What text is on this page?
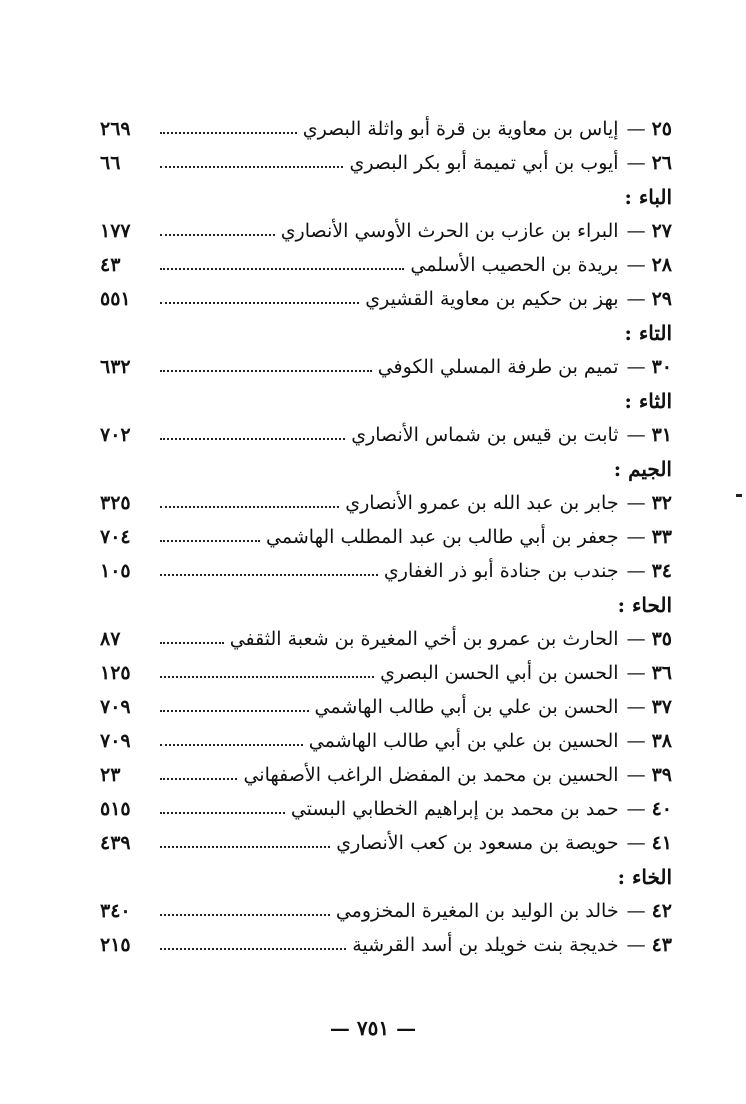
٢٥
—
إياس بن معاوية بن قرة أبو واثلة البصري
٢٦٩
٢٦
—
أيوب بن أبي تميمة أبو بكر البصري
٦٦
الباء :
٢٧
—
البراء بن عازب بن الحرث الأوسي الأنصاري
١٧٧
٢٨
—
بريدة بن الحصيب الأسلمي
٤٣
٢٩
—
بهز بن حكيم بن معاوية القشيري
٥٥١
التاء :
٣٠
—
تميم بن طرفة المسلي الكوفي
٦٣٢
الثاء :
٣١
—
ثابت بن قيس بن شماس الأنصاري
٧٠٢
الجيم :
٣٢
—
جابر بن عبد الله بن عمرو الأنصاري
٣٢٥
٣٣
—
جعفر بن أبي طالب بن عبد المطلب الهاشمي
٧٠٤
٣٤
—
جندب بن جنادة أبو ذر الغفاري
١٠٥
الحاء :
٣٥
—
الحارث بن عمرو بن أخي المغيرة بن شعبة الثقفي
٨٧
٣٦
—
الحسن بن أبي الحسن البصري
١٢٥
٣٧
—
الحسن بن علي بن أبي طالب الهاشمي
٧٠٩
٣٨
—
الحسين بن علي بن أبي طالب الهاشمي
٧٠٩
٣٩
—
الحسين بن محمد بن المفضل الراغب الأصفهاني
٢٣
٤٠
—
حمد بن محمد بن إبراهيم الخطابي البستي
٥١٥
٤١
—
حويصة بن مسعود بن كعب الأنصاري
٤٣٩
الخاء :
٤٢
—
خالد بن الوليد بن المغيرة المخزومي
٣٤٠
٤٣
—
خديجة بنت خويلد بن أسد القرشية
٢١٥
— ٧٥١ —
